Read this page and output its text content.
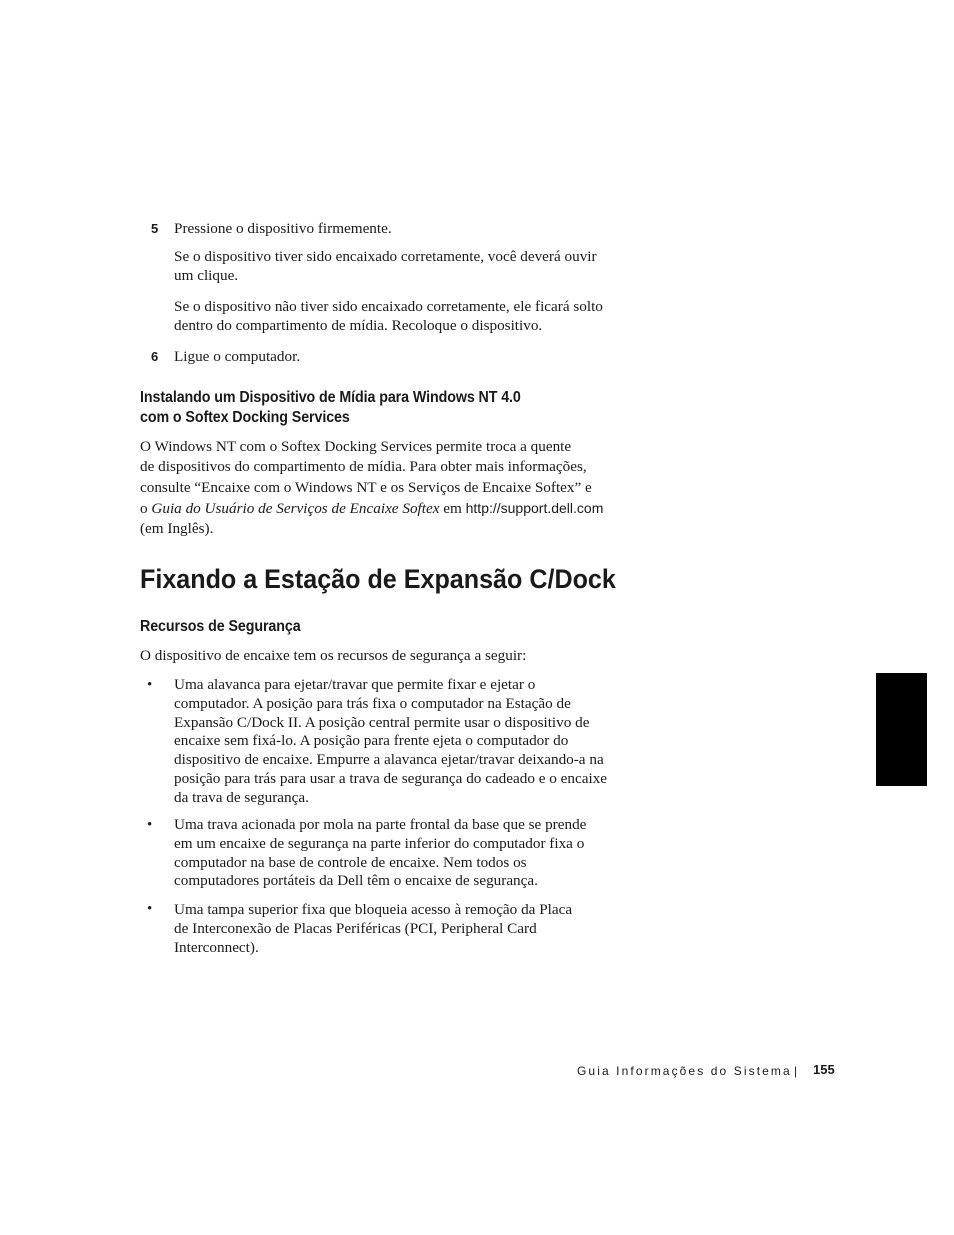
5 Pressione o dispositivo firmemente.
Se o dispositivo tiver sido encaixado corretamente, você deverá ouvir
um clique.
Se o dispositivo não tiver sido encaixado corretamente, ele ficará solto
dentro do compartimento de mídia. Recoloque o dispositivo.
6 Ligue o computador.
Instalando um Dispositivo de Mídia para Windows NT 4.0
com o Softex Docking Services
O Windows NT com o Softex Docking Services permite troca a quente
de dispositivos do compartimento de mídia. Para obter mais informações,
consulte “Encaixe com o Windows NT e os Serviços de Encaixe Softex” e
o Guia do Usuário de Serviços de Encaixe Softex em http://support.dell.com
(em Inglês).
Fixando a Estação de Expansão C/Dock
Recursos de Segurança
O dispositivo de encaixe tem os recursos de segurança a seguir:
• Uma alavanca para ejetar/travar que permite fixar e ejetar o
computador. A posição para trás fixa o computador na Estação de
Expansão C/Dock II. A posição central permite usar o dispositivo de
encaixe sem fixá-lo. A posição para frente ejeta o computador do
dispositivo de encaixe. Empurre a alavanca ejetar/travar deixando-a na
posição para trás para usar a trava de segurança do cadeado e o encaixe
da trava de segurança.
• Uma trava acionada por mola na parte frontal da base que se prende
em um encaixe de segurança na parte inferior do computador fixa o
computador na base de controle de encaixe. Nem todos os
computadores portáteis da Dell têm o encaixe de segurança.
• Uma tampa superior fixa que bloqueia acesso à remoção da Placa
de Interconexão de Placas Periféricas (PCI, Peripheral Card
Interconnect).
Guia Informações do Sistema | 155
